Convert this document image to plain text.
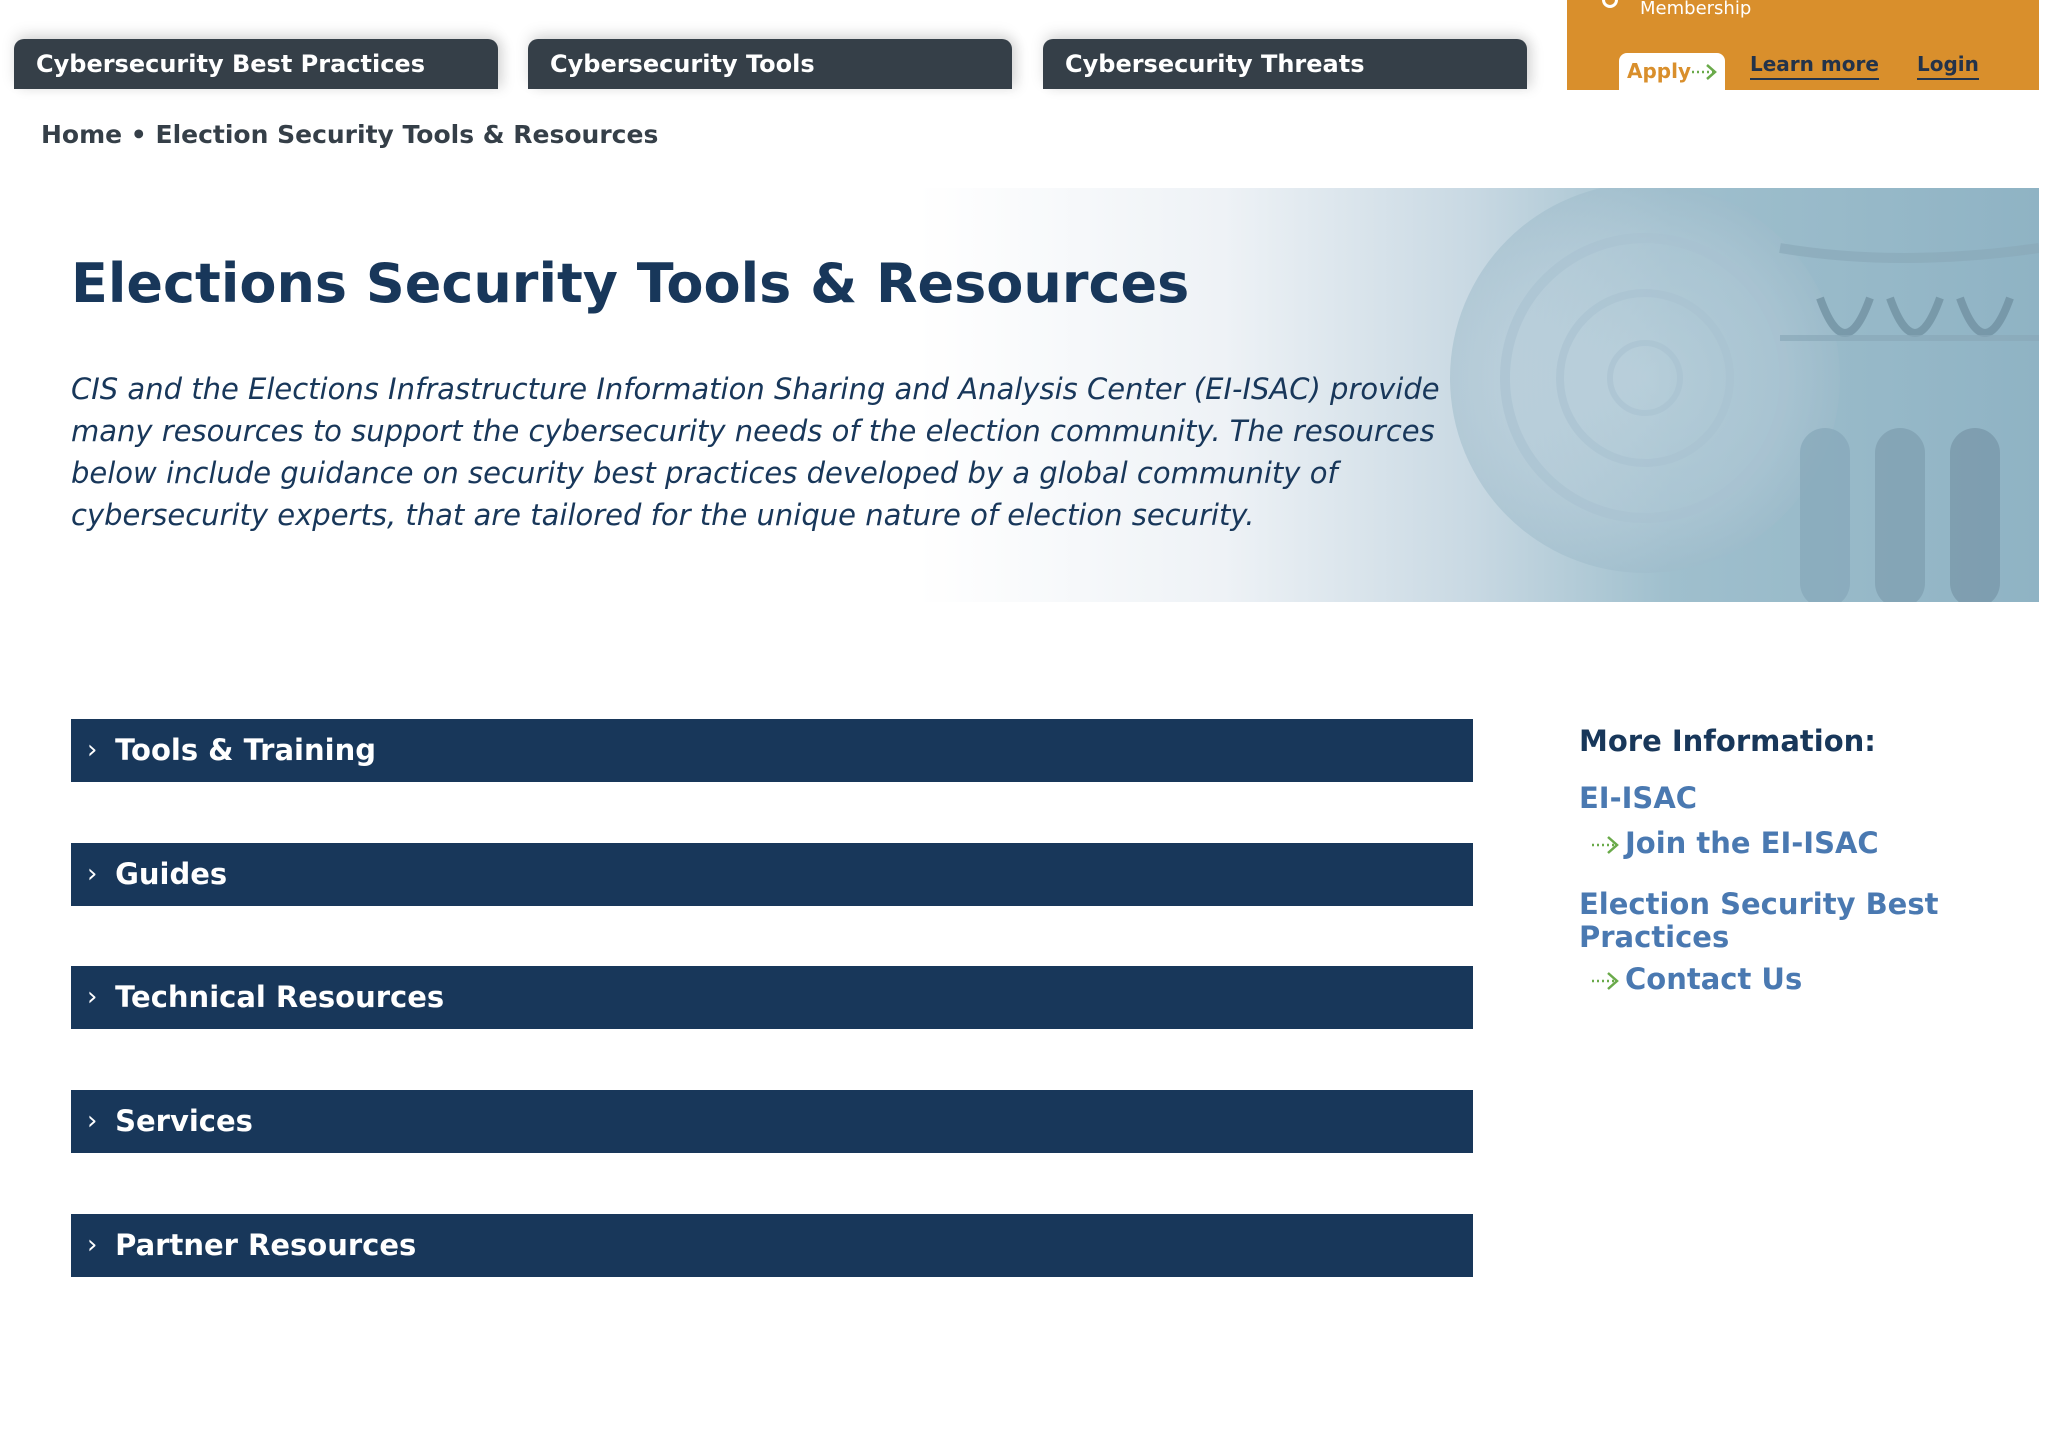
Cybersecurity Best Practices	Cybersecurity Tools	Cybersecurity Threats
Membership
Apply	Learn more Login
Home • Election Security Tools & Resources
Elections Security Tools & Resources

CIS and the Elections Infrastructure Information Sharing and Analysis Center (EI-ISAC) provide many resources to support the cybersecurity needs of the election community. The resources below include guidance on security best practices developed by a global community of cybersecurity experts, that are tailored for the unique nature of election security.

› Tools & Training
› Guides
› Technical Resources
› Services
› Partner Resources
More Information:
EI-ISAC
Join the EI-ISAC
Election Security Best Practices
Contact Us
